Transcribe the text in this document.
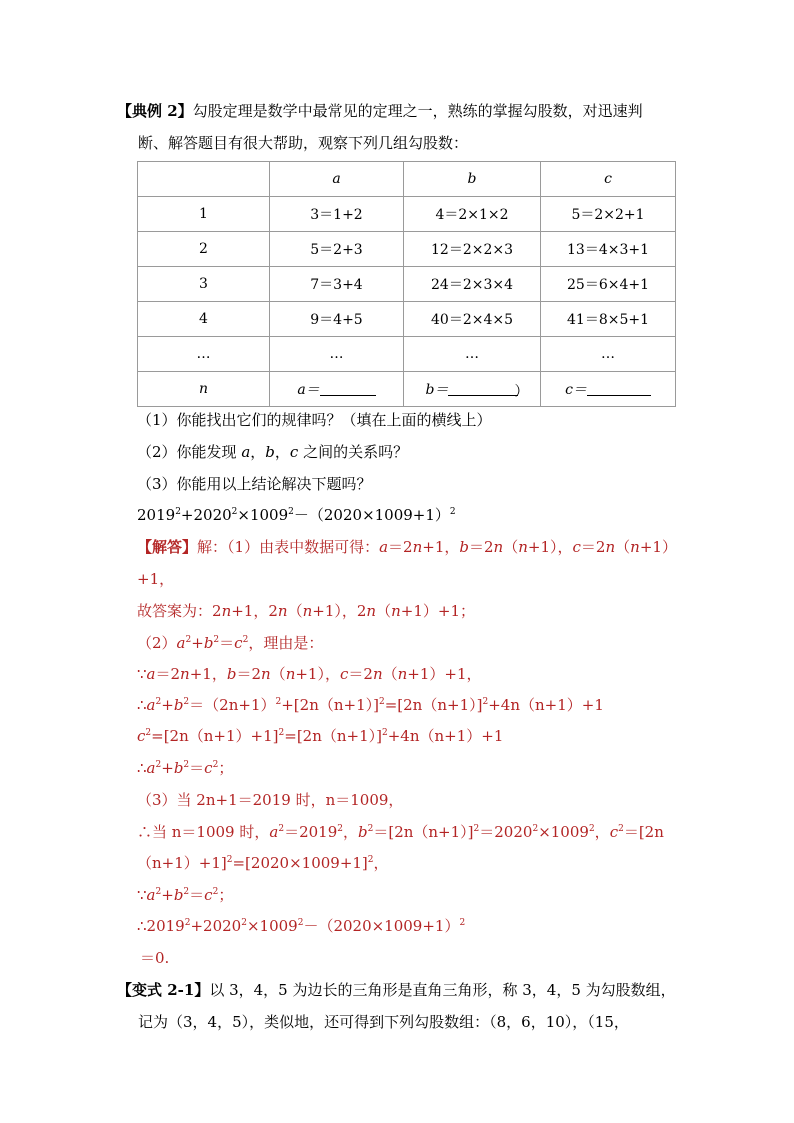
【典例 2】勾股定理是数学中最常见的定理之一，熟练的掌握勾股数，对迅速判
断、解答题目有很大帮助，观察下列几组勾股数：
	a	b	c
1	3＝1+2	4＝2×1×2	5＝2×2+1
2	5＝2+3	12＝2×2×3	13＝4×3+1
3	7＝3+4	24＝2×3×4	25＝6×4+1
4	9＝4+5	40＝2×4×5	41＝8×5+1
…	…	…	…
n	a＝	b＝ ）	c＝
（1）你能找出它们的规律吗？（填在上面的横线上）
（2）你能发现 a，b，c 之间的关系吗？
（3）你能用以上结论解决下题吗？
$2019^2+2020^2\times 1009^2-(2020\times 1009+1)^2$
【解答】解：（1）由表中数据可得：a＝2n+1，b＝2n（n+1），c＝2n（n+1）
+1，
故答案为：2n+1，2n（n+1），2n（n+1）+1；
$(2)a^2+b^2=c^2$，理由是：
∵a＝2n+1，b＝2n（n+1），c＝2n（n+1）+1，
$\therefore a^2+b^2=(2n+1)^2+[2n(n+1)]^2=[2n(n+1)]^2+4n(n+1)+1$
$c^2=[2n(n+1)+1]^2=[2n(n+1)]^2+4n(n+1)+1$
$\therefore a^2+b^2=c^2$；
（3）当 2n+1＝2019 时，n＝1009，
∴当 n＝1009 时，$a^2=2019^2$，$b^2=[2n(n+1)]^2=2020^2\times 1009^2$，$c^2=[2n$
$(n+1)+1]^2=[2020\times 1009+1]^2$，
$\because a^2+b^2=c^2$；
$\therefore 2019^2+2020^2\times 1009^2-(2020\times 1009+1)^2$
＝0.
【变式 2-1】以 3，4，5 为边长的三角形是直角三角形，称 3，4，5 为勾股数组，
记为（3，4，5），类似地，还可得到下列勾股数组：（8，6，10），（15，
